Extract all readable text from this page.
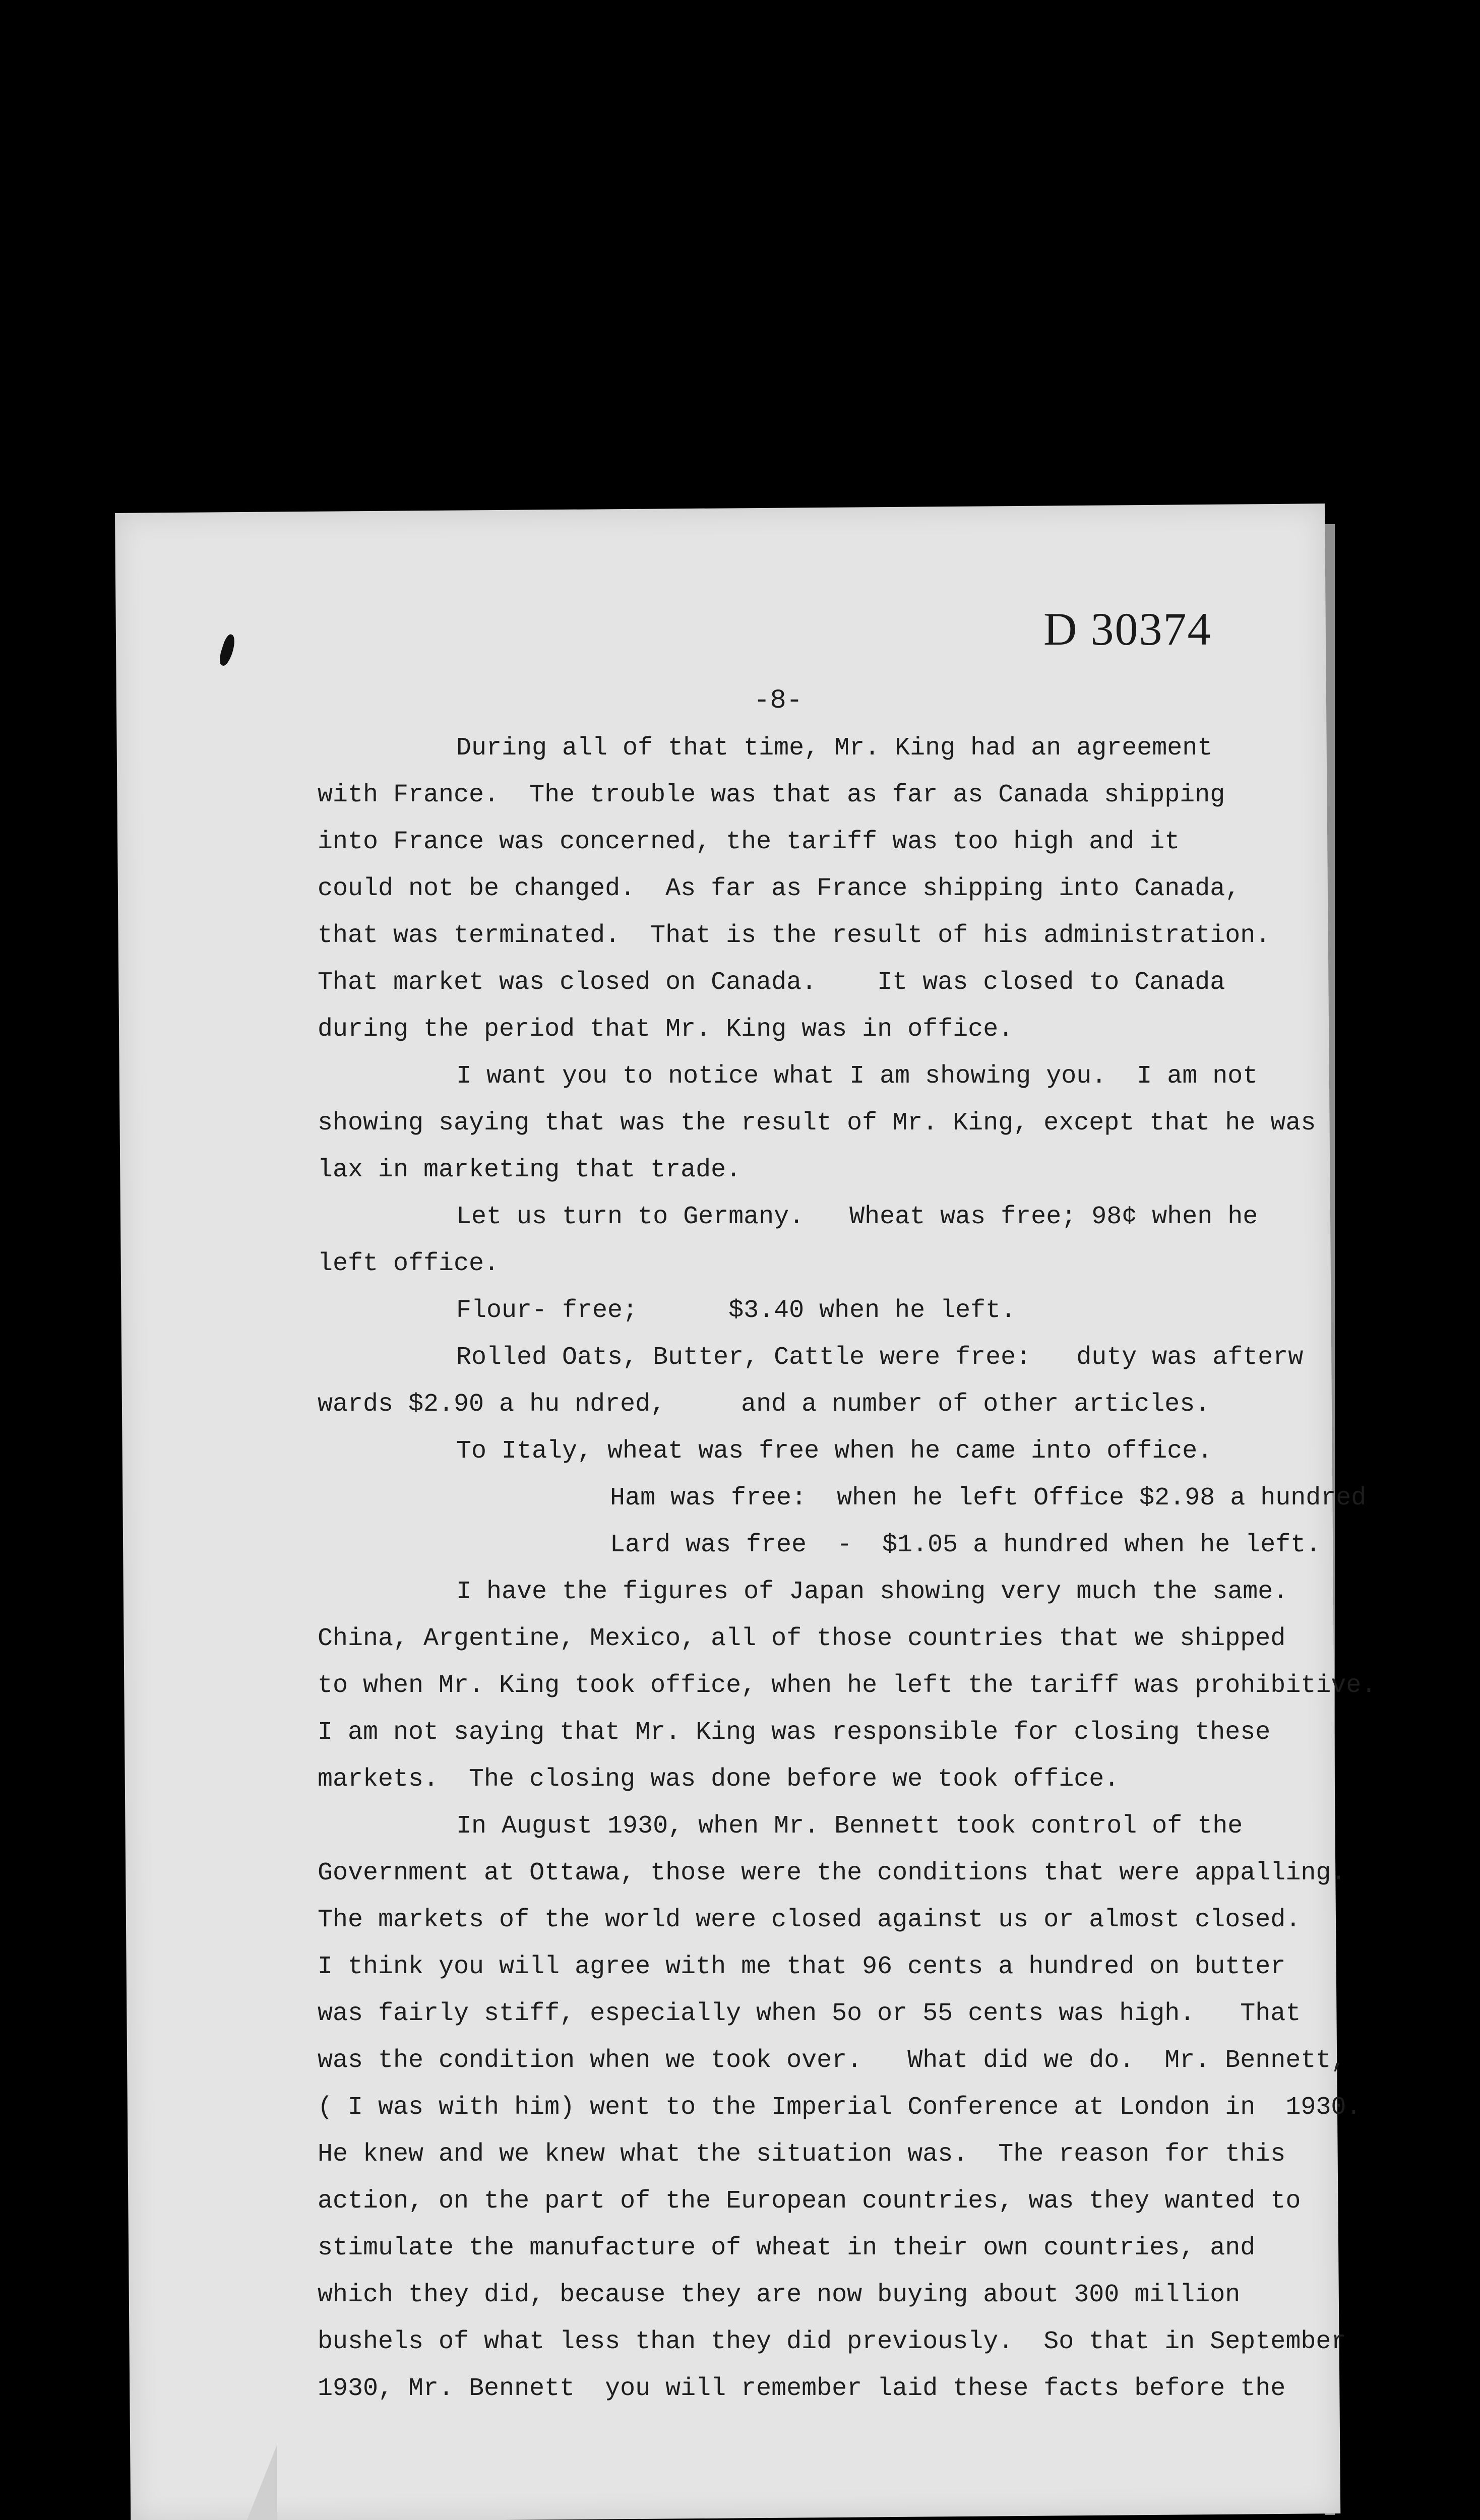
D 30374
-8-

During all of that time, Mr. King had an agreement

with France.  The trouble was that as far as Canada shipping

into France was concerned, the tariff was too high and it

could not be changed.  As far as France shipping into Canada,

that was terminated.  That is the result of his administration.

That market was closed on Canada.    It was closed to Canada

during the period that Mr. King was in office.

I want you to notice what I am showing you.  I am not

showing saying that was the result of Mr. King, except that he was

lax in marketing that trade.

Let us turn to Germany.   Wheat was free; 98¢ when he

left office.

Flour- free;      $3.40 when he left.

Rolled Oats, Butter, Cattle were free:   duty was afterw

wards $2.90 a hu ndred,     and a number of other articles.

To Italy, wheat was free when he came into office.

Ham was free:  when he left Office $2.98 a hundred

Lard was free  -  $1.05 a hundred when he left.

I have the figures of Japan showing very much the same.

China, Argentine, Mexico, all of those countries that we shipped

to when Mr. King took office, when he left the tariff was prohibitive.

I am not saying that Mr. King was responsible for closing these

markets.  The closing was done before we took office.

In August 1930, when Mr. Bennett took control of the

Government at Ottawa, those were the conditions that were appalling.

The markets of the world were closed against us or almost closed.

I think you will agree with me that 96 cents a hundred on butter

was fairly stiff, especially when 5o or 55 cents was high.   That

was the condition when we took over.   What did we do.  Mr. Bennett,

( I was with him) went to the Imperial Conference at London in  1930.

He knew and we knew what the situation was.  The reason for this

action, on the part of the European countries, was they wanted to

stimulate the manufacture of wheat in their own countries, and

which they did, because they are now buying about 300 million

bushels of what less than they did previously.  So that in September

1930, Mr. Bennett  you will remember laid these facts before the
